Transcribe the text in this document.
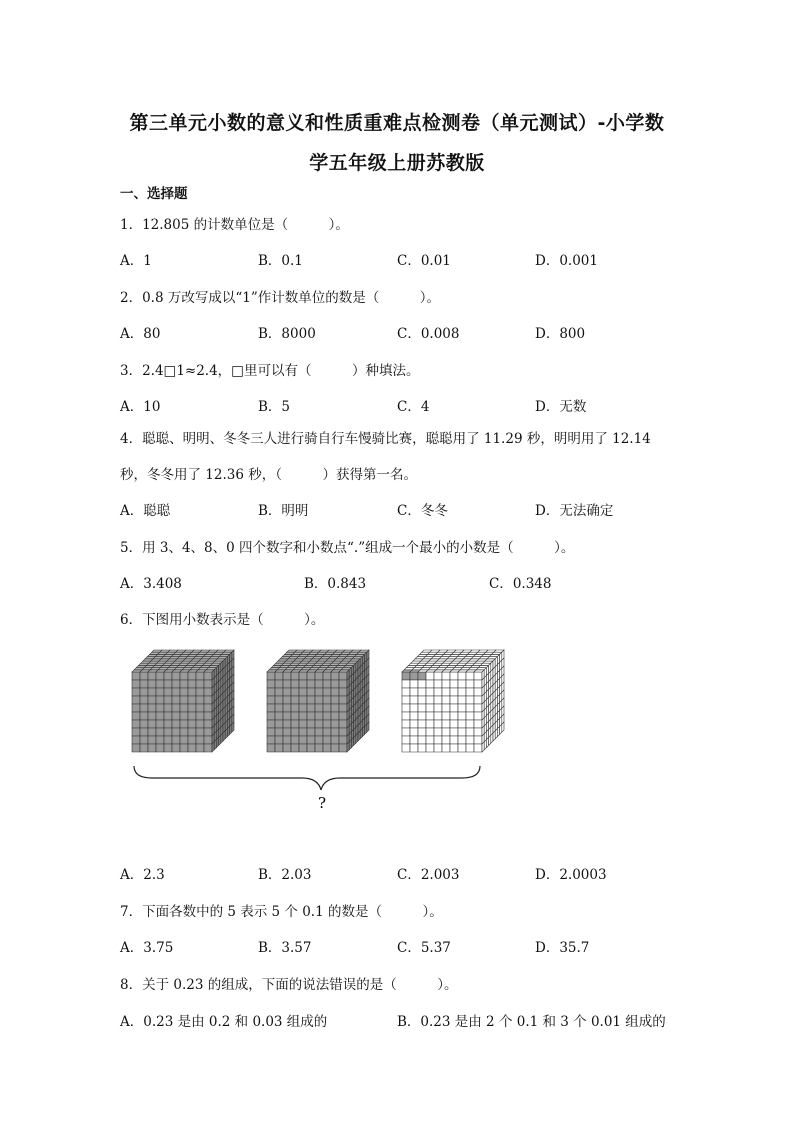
第三单元小数的意义和性质重难点检测卷（单元测试）-小学数
学五年级上册苏教版
一、选择题
1．12.805 的计数单位是（　　　）。
A．1	B．0.1	C．0.01	D．0.001
2．0.8 万改写成以“1”作计数单位的数是（　　　）。
A．80	B．8000	C．0.008	D．800
3．2.4□1≈2.4，□里可以有（　　　）种填法。
A．10	B．5	C．4	D．无数
4．聪聪、明明、冬冬三人进行骑自行车慢骑比赛，聪聪用了 11.29 秒，明明用了 12.14
秒，冬冬用了 12.36 秒，（　　　）获得第一名。
A．聪聪	B．明明	C．冬冬	D．无法确定
5．用 3、4、8、0 四个数字和小数点“.”组成一个最小的小数是（　　　）。
A．3.408	B．0.843	C．0.348
6．下图用小数表示是（　　　）。
?
A．2.3	B．2.03	C．2.003	D．2.0003
7．下面各数中的 5 表示 5 个 0.1 的数是（　　　）。
A．3.75	B．3.57	C．5.37	D．35.7
8．关于 0.23 的组成，下面的说法错误的是（　　　）。
A．0.23 是由 0.2 和 0.03 组成的	B．0.23 是由 2 个 0.1 和 3 个 0.01 组成的
